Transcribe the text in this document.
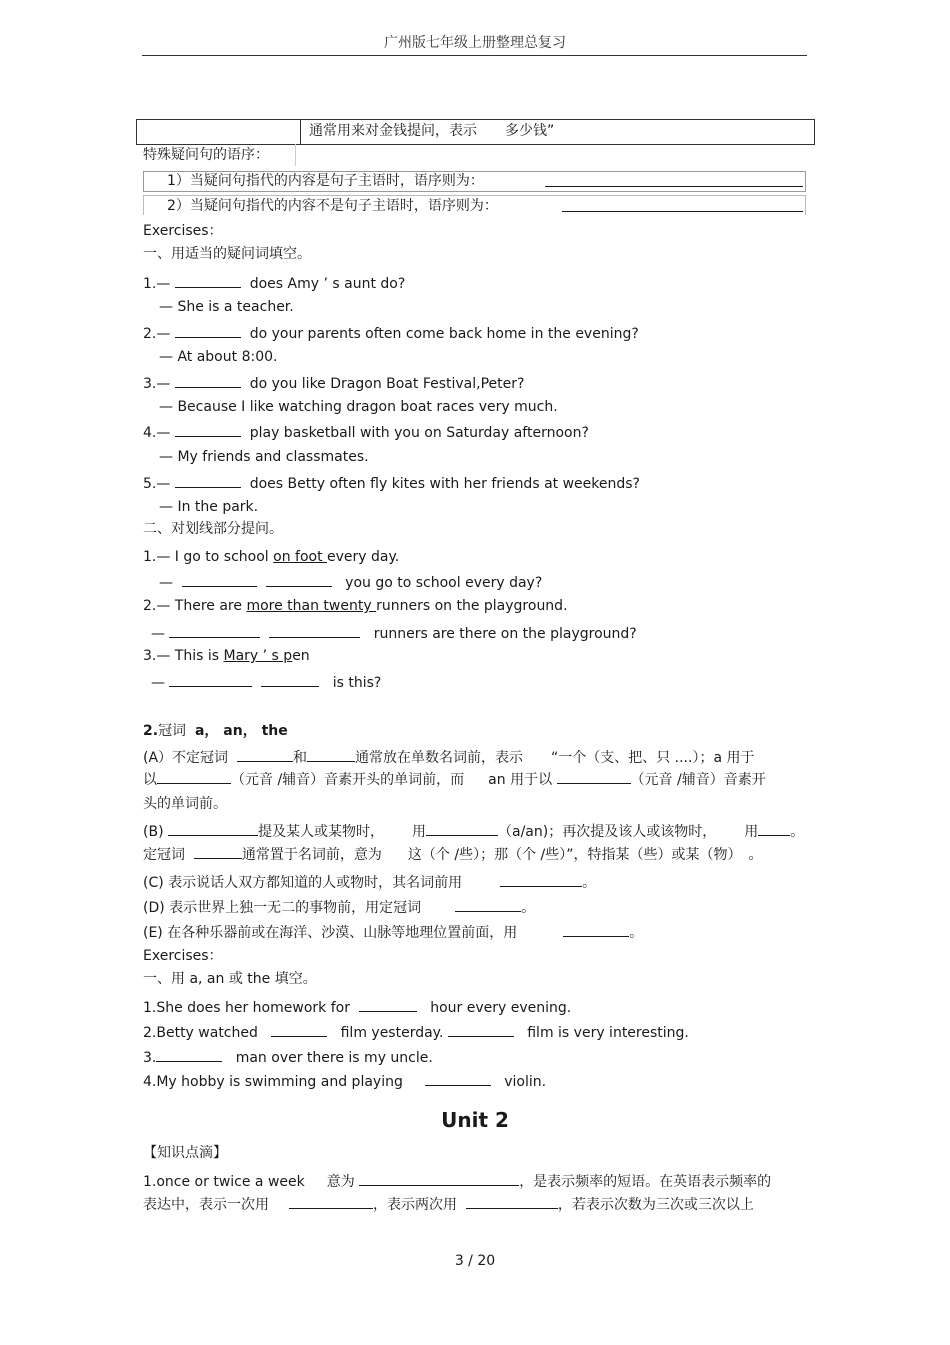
广州版七年级上册整理总复习
通常用来对金钱提问，表示 多少钱”
特殊疑问句的语序：
1）当疑问句指代的内容是句子主语时，语序则为：
2）当疑问句指代的内容不是句子主语时，语序则为：
Exercises：
一、用适当的疑问词填空。
1.—	does Amy ’ s aunt do?
— She is a teacher.
2.—	do your parents often come back home in the evening?
— At about 8:00.
3.—	do you like Dragon Boat Festival,Peter?
— Because I like watching dragon boat races very much.
4.—	play basketball with you on Saturday afternoon?
— My friends and classmates.
5.—	does Betty often fly kites with her friends at weekends?
— In the park.
二、对划线部分提问。
1.— I go to school on foot every day.
—	you go to school every day?
2.— There are more than twenty runners on the playground.
—	runners are there on the playground?
3.— This is Mary ’ s pen
—	is this?
2.冠词 a， an， the
(A）不定冠词	和	通常放在单数名词前，表示 “一个（支、把、只 ....）；a 用于
以	（元音 /辅音）音素开头的单词前，而 an 用于以	（元音 /辅音）音素开
头的单词前。
(B)	提及某人或某物时， 用	（a/an)；再次提及该人或该物时， 用 。
定冠词	通常置于名词前，意为 这（个 /些）；那（个 /些）”，特指某（些）或某（物） 。
(C) 表示说话人双方都知道的人或物时，其名词前用	。
(D) 表示世界上独一无二的事物前，用定冠词	。
(E) 在各种乐器前或在海洋、沙漠、山脉等地理位置前面，用	。
Exercises：
一、用 a, an 或 the 填空。
1.She does her homework for	hour every evening.
2.Betty watched	film yesterday.	film is very interesting.
3.	man over there is my uncle.
4.My hobby is swimming and playing	violin.
Unit 2
【知识点滴】
1.once or twice a week 意为	，是表示频率的短语。在英语表示频率的
表达中，表示一次用	，表示两次用	，若表示次数为三次或三次以上
3 / 20
